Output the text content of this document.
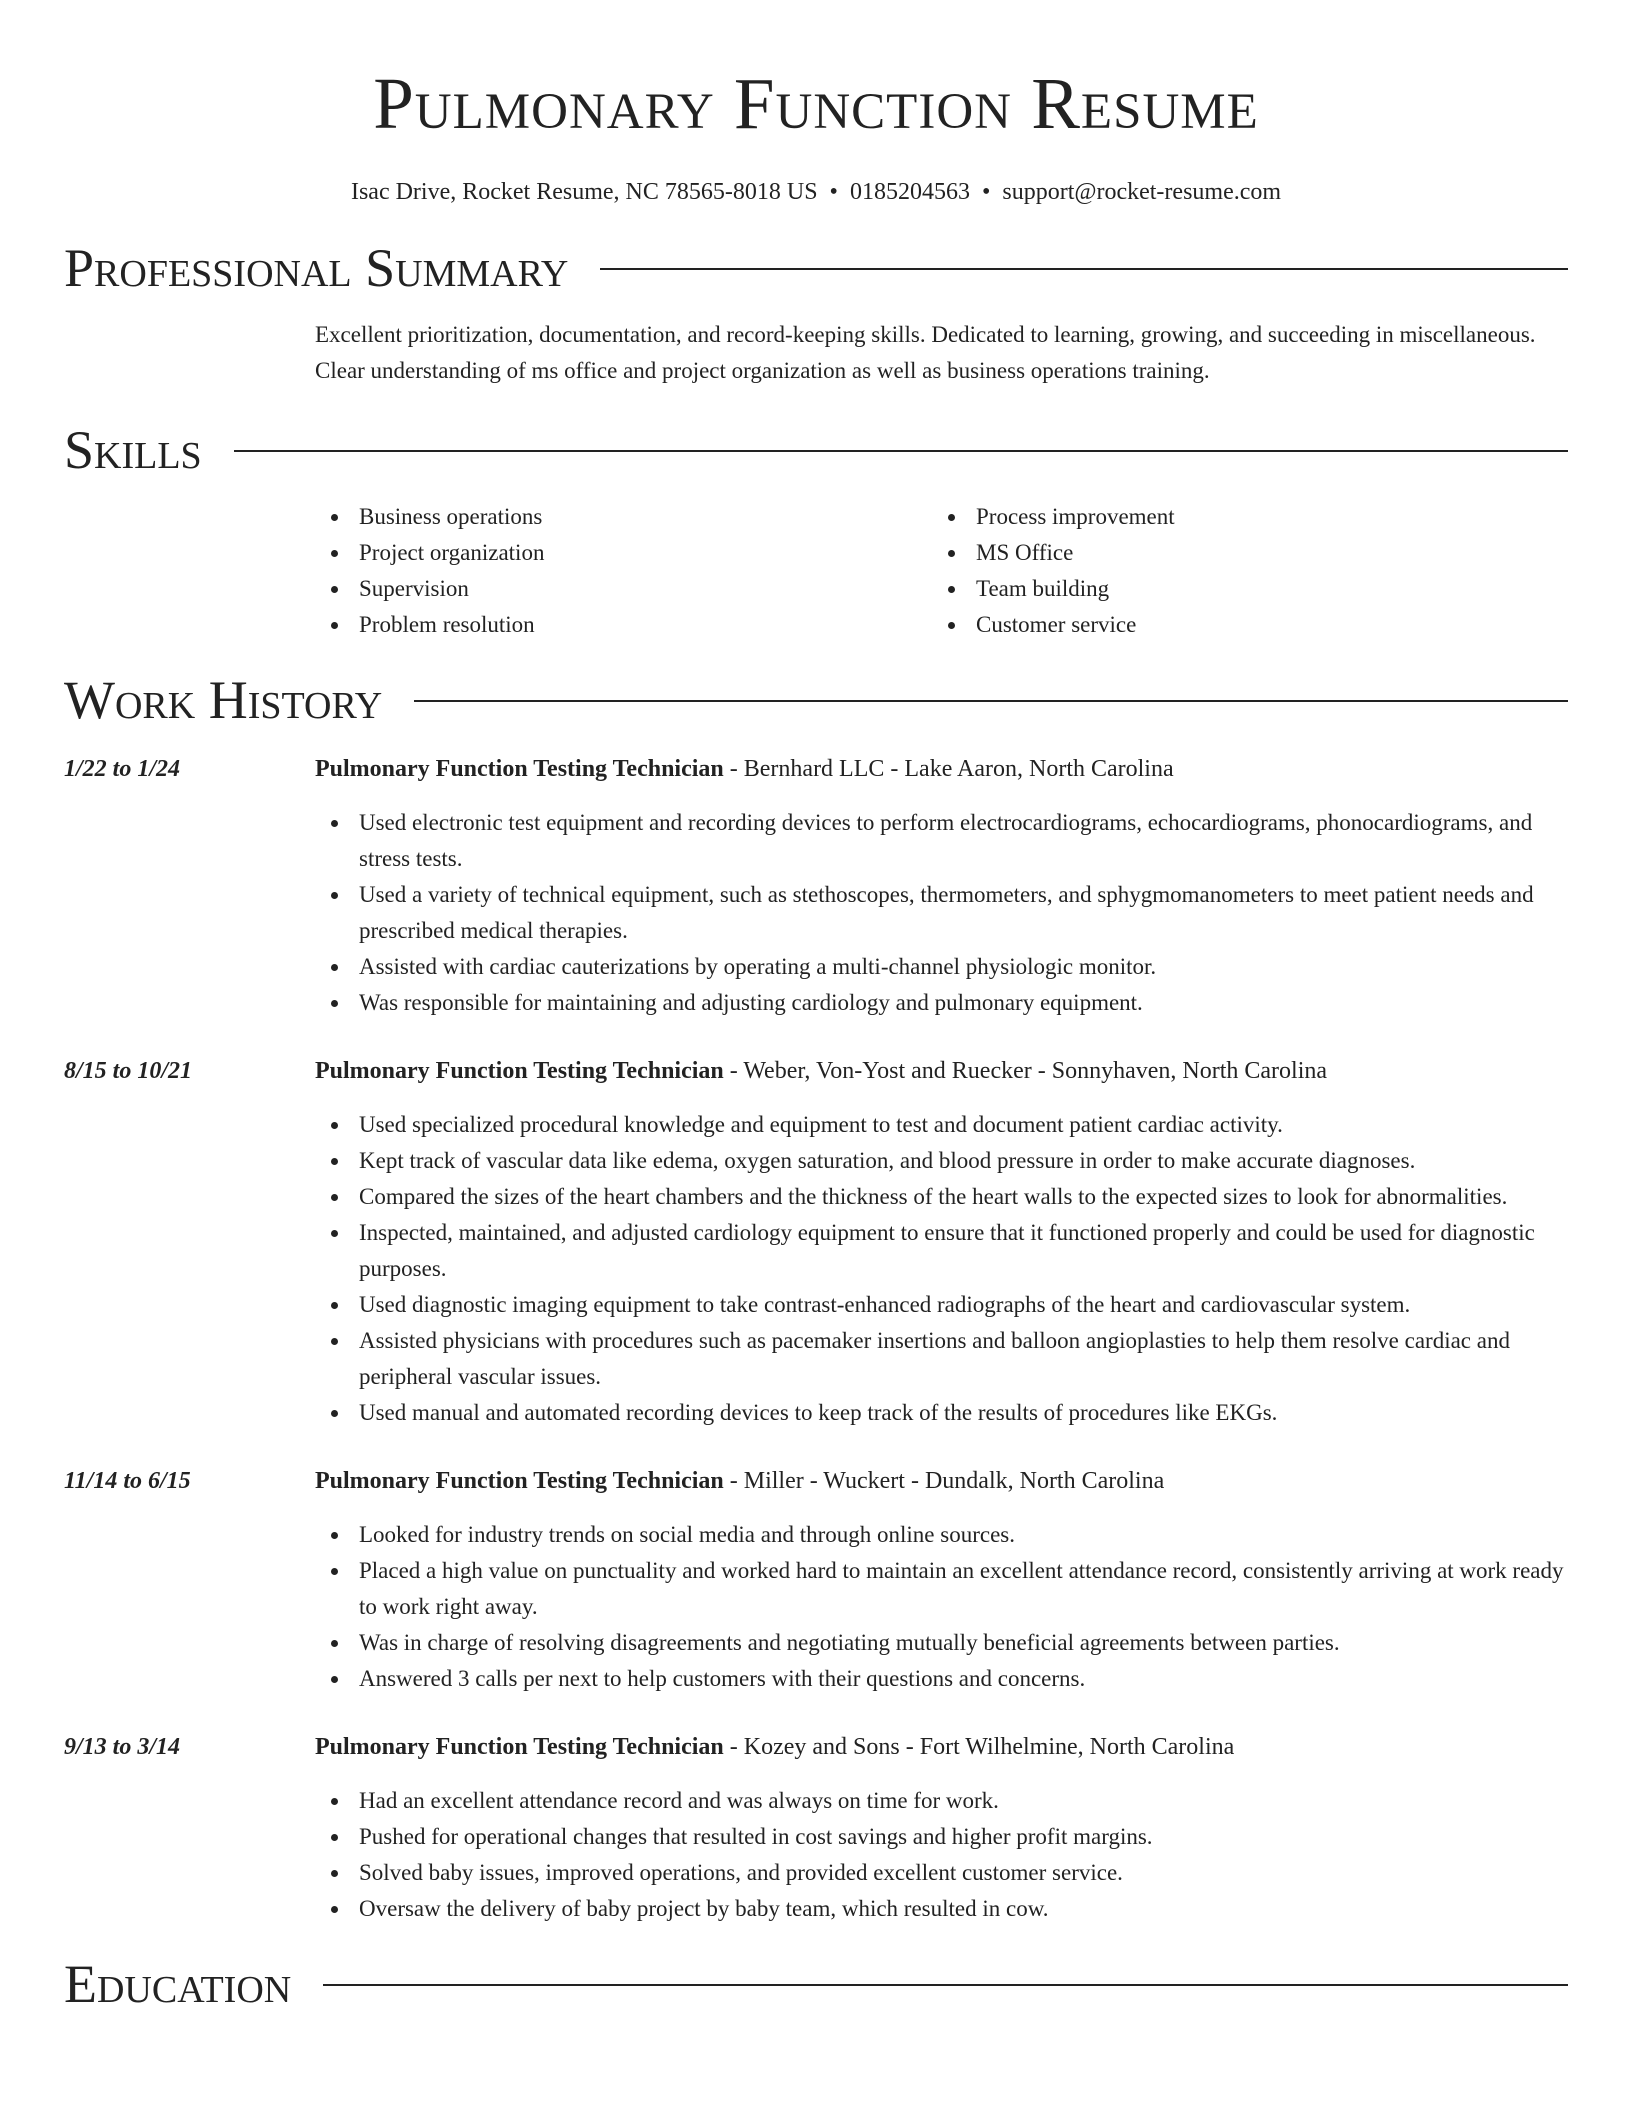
Pulmonary Function Resume
Isac Drive, Rocket Resume, NC 78565-8018 US • 0185204563 • support@rocket-resume.com
Professional Summary

Excellent prioritization, documentation, and record-keeping skills. Dedicated to learning, growing, and succeeding in miscellaneous. Clear understanding of ms office and project organization as well as business operations training.

Skills
Business operations
Project organization
Supervision
Problem resolution
Process improvement
MS Office
Team building
Customer service
Work History
1/22 to 1/24	Pulmonary Function Testing Technician - Bernhard LLC - Lake Aaron, North Carolina
Used electronic test equipment and recording devices to perform electrocardiograms, echocardiograms, phonocardiograms, and stress tests.
Used a variety of technical equipment, such as stethoscopes, thermometers, and sphygmomanometers to meet patient needs and prescribed medical therapies.
Assisted with cardiac cauterizations by operating a multi-channel physiologic monitor.
Was responsible for maintaining and adjusting cardiology and pulmonary equipment.
8/15 to 10/21	Pulmonary Function Testing Technician - Weber, Von-Yost and Ruecker - Sonnyhaven, North Carolina
Used specialized procedural knowledge and equipment to test and document patient cardiac activity.
Kept track of vascular data like edema, oxygen saturation, and blood pressure in order to make accurate diagnoses.
Compared the sizes of the heart chambers and the thickness of the heart walls to the expected sizes to look for abnormalities.
Inspected, maintained, and adjusted cardiology equipment to ensure that it functioned properly and could be used for diagnostic purposes.
Used diagnostic imaging equipment to take contrast-enhanced radiographs of the heart and cardiovascular system.
Assisted physicians with procedures such as pacemaker insertions and balloon angioplasties to help them resolve cardiac and peripheral vascular issues.
Used manual and automated recording devices to keep track of the results of procedures like EKGs.
11/14 to 6/15	Pulmonary Function Testing Technician - Miller - Wuckert - Dundalk, North Carolina
Looked for industry trends on social media and through online sources.
Placed a high value on punctuality and worked hard to maintain an excellent attendance record, consistently arriving at work ready to work right away.
Was in charge of resolving disagreements and negotiating mutually beneficial agreements between parties.
Answered 3 calls per next to help customers with their questions and concerns.
9/13 to 3/14	Pulmonary Function Testing Technician - Kozey and Sons - Fort Wilhelmine, North Carolina
Had an excellent attendance record and was always on time for work.
Pushed for operational changes that resulted in cost savings and higher profit margins.
Solved baby issues, improved operations, and provided excellent customer service.
Oversaw the delivery of baby project by baby team, which resulted in cow.
Education
